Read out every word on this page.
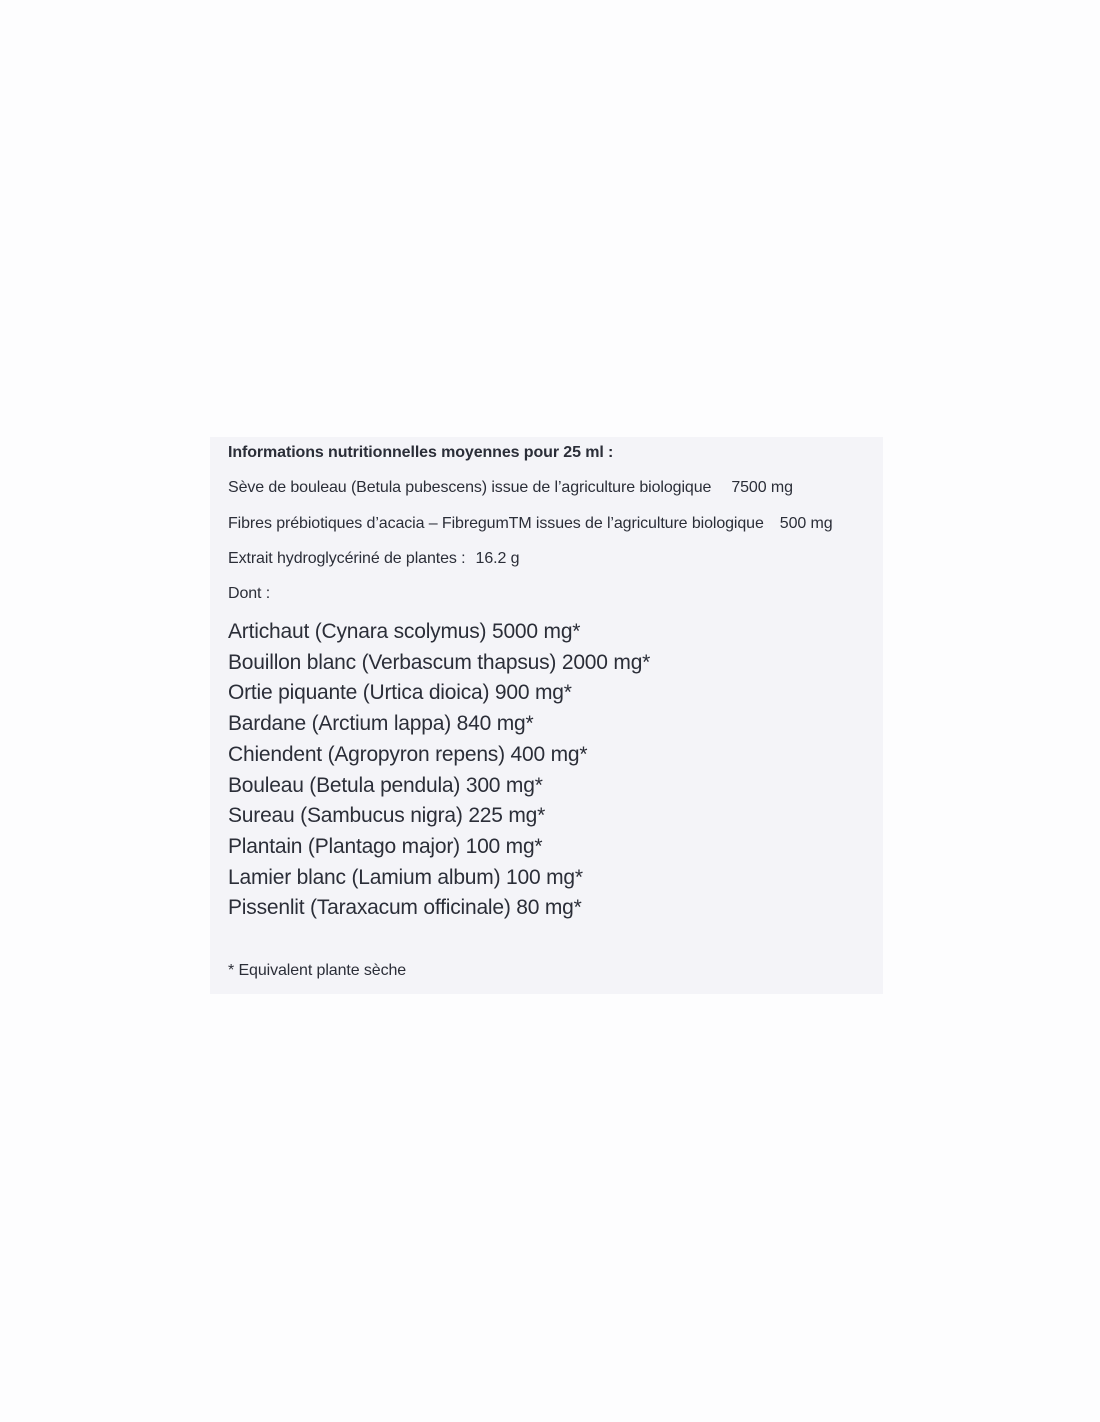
Informations nutritionnelles moyennes pour 25 ml :
Sève de bouleau (Betula pubescens) issue de l’agriculture biologique 7500 mg
Fibres prébiotiques d’acacia – FibregumTM issues de l’agriculture biologique 500 mg
Extrait hydroglycériné de plantes : 16.2 g
Dont :
Artichaut (Cynara scolymus) 5000 mg*
Bouillon blanc (Verbascum thapsus) 2000 mg*
Ortie piquante (Urtica dioica) 900 mg*
Bardane (Arctium lappa) 840 mg*
Chiendent (Agropyron repens) 400 mg*
Bouleau (Betula pendula) 300 mg*
Sureau (Sambucus nigra) 225 mg*
Plantain (Plantago major) 100 mg*
Lamier blanc (Lamium album) 100 mg*
Pissenlit (Taraxacum officinale) 80 mg*
* Equivalent plante sèche
